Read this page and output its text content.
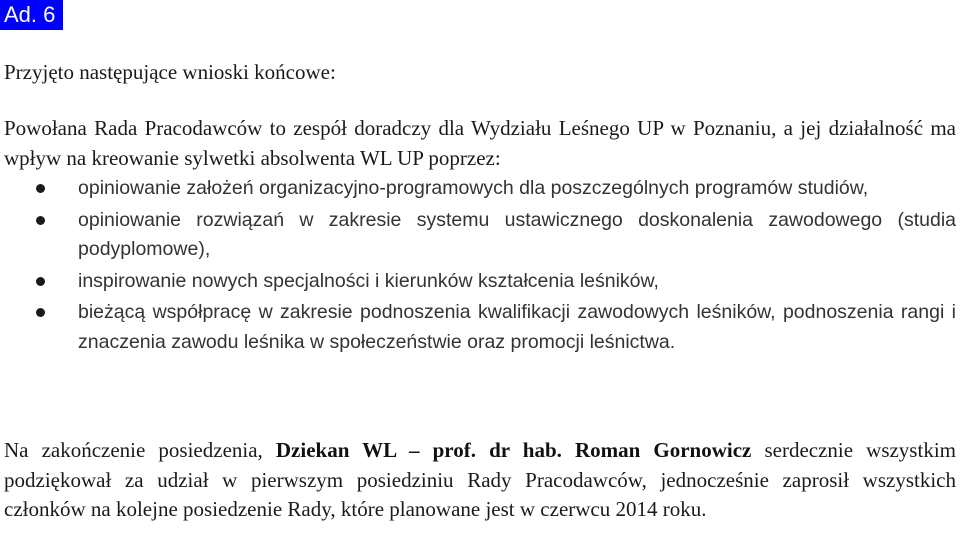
Ad. 6

Przyjęto następujące wnioski końcowe:

Powołana Rada Pracodawców to zespół doradczy dla Wydziału Leśnego UP w Poznaniu, a jej działalność ma wpływ na kreowanie sylwetki absolwenta WL UP poprzez:

opiniowanie założeń organizacyjno-programowych dla poszczególnych programów studiów,
opiniowanie rozwiązań w zakresie systemu ustawicznego doskonalenia zawodowego (studia podyplomowe),
inspirowanie nowych specjalności i kierunków kształcenia leśników,
bieżącą współpracę w zakresie podnoszenia kwalifikacji zawodowych leśników, podnoszenia rangi i znaczenia zawodu leśnika w społeczeństwie oraz promocji leśnictwa.

Na zakończenie posiedzenia, Dziekan WL – prof. dr hab. Roman Gornowicz serdecznie wszystkim podziękował za udział w pierwszym posiedziniu Rady Pracodawców, jednocześnie zaprosił wszystkich członków na kolejne posiedzenie Rady, które planowane jest w czerwcu 2014 roku.
